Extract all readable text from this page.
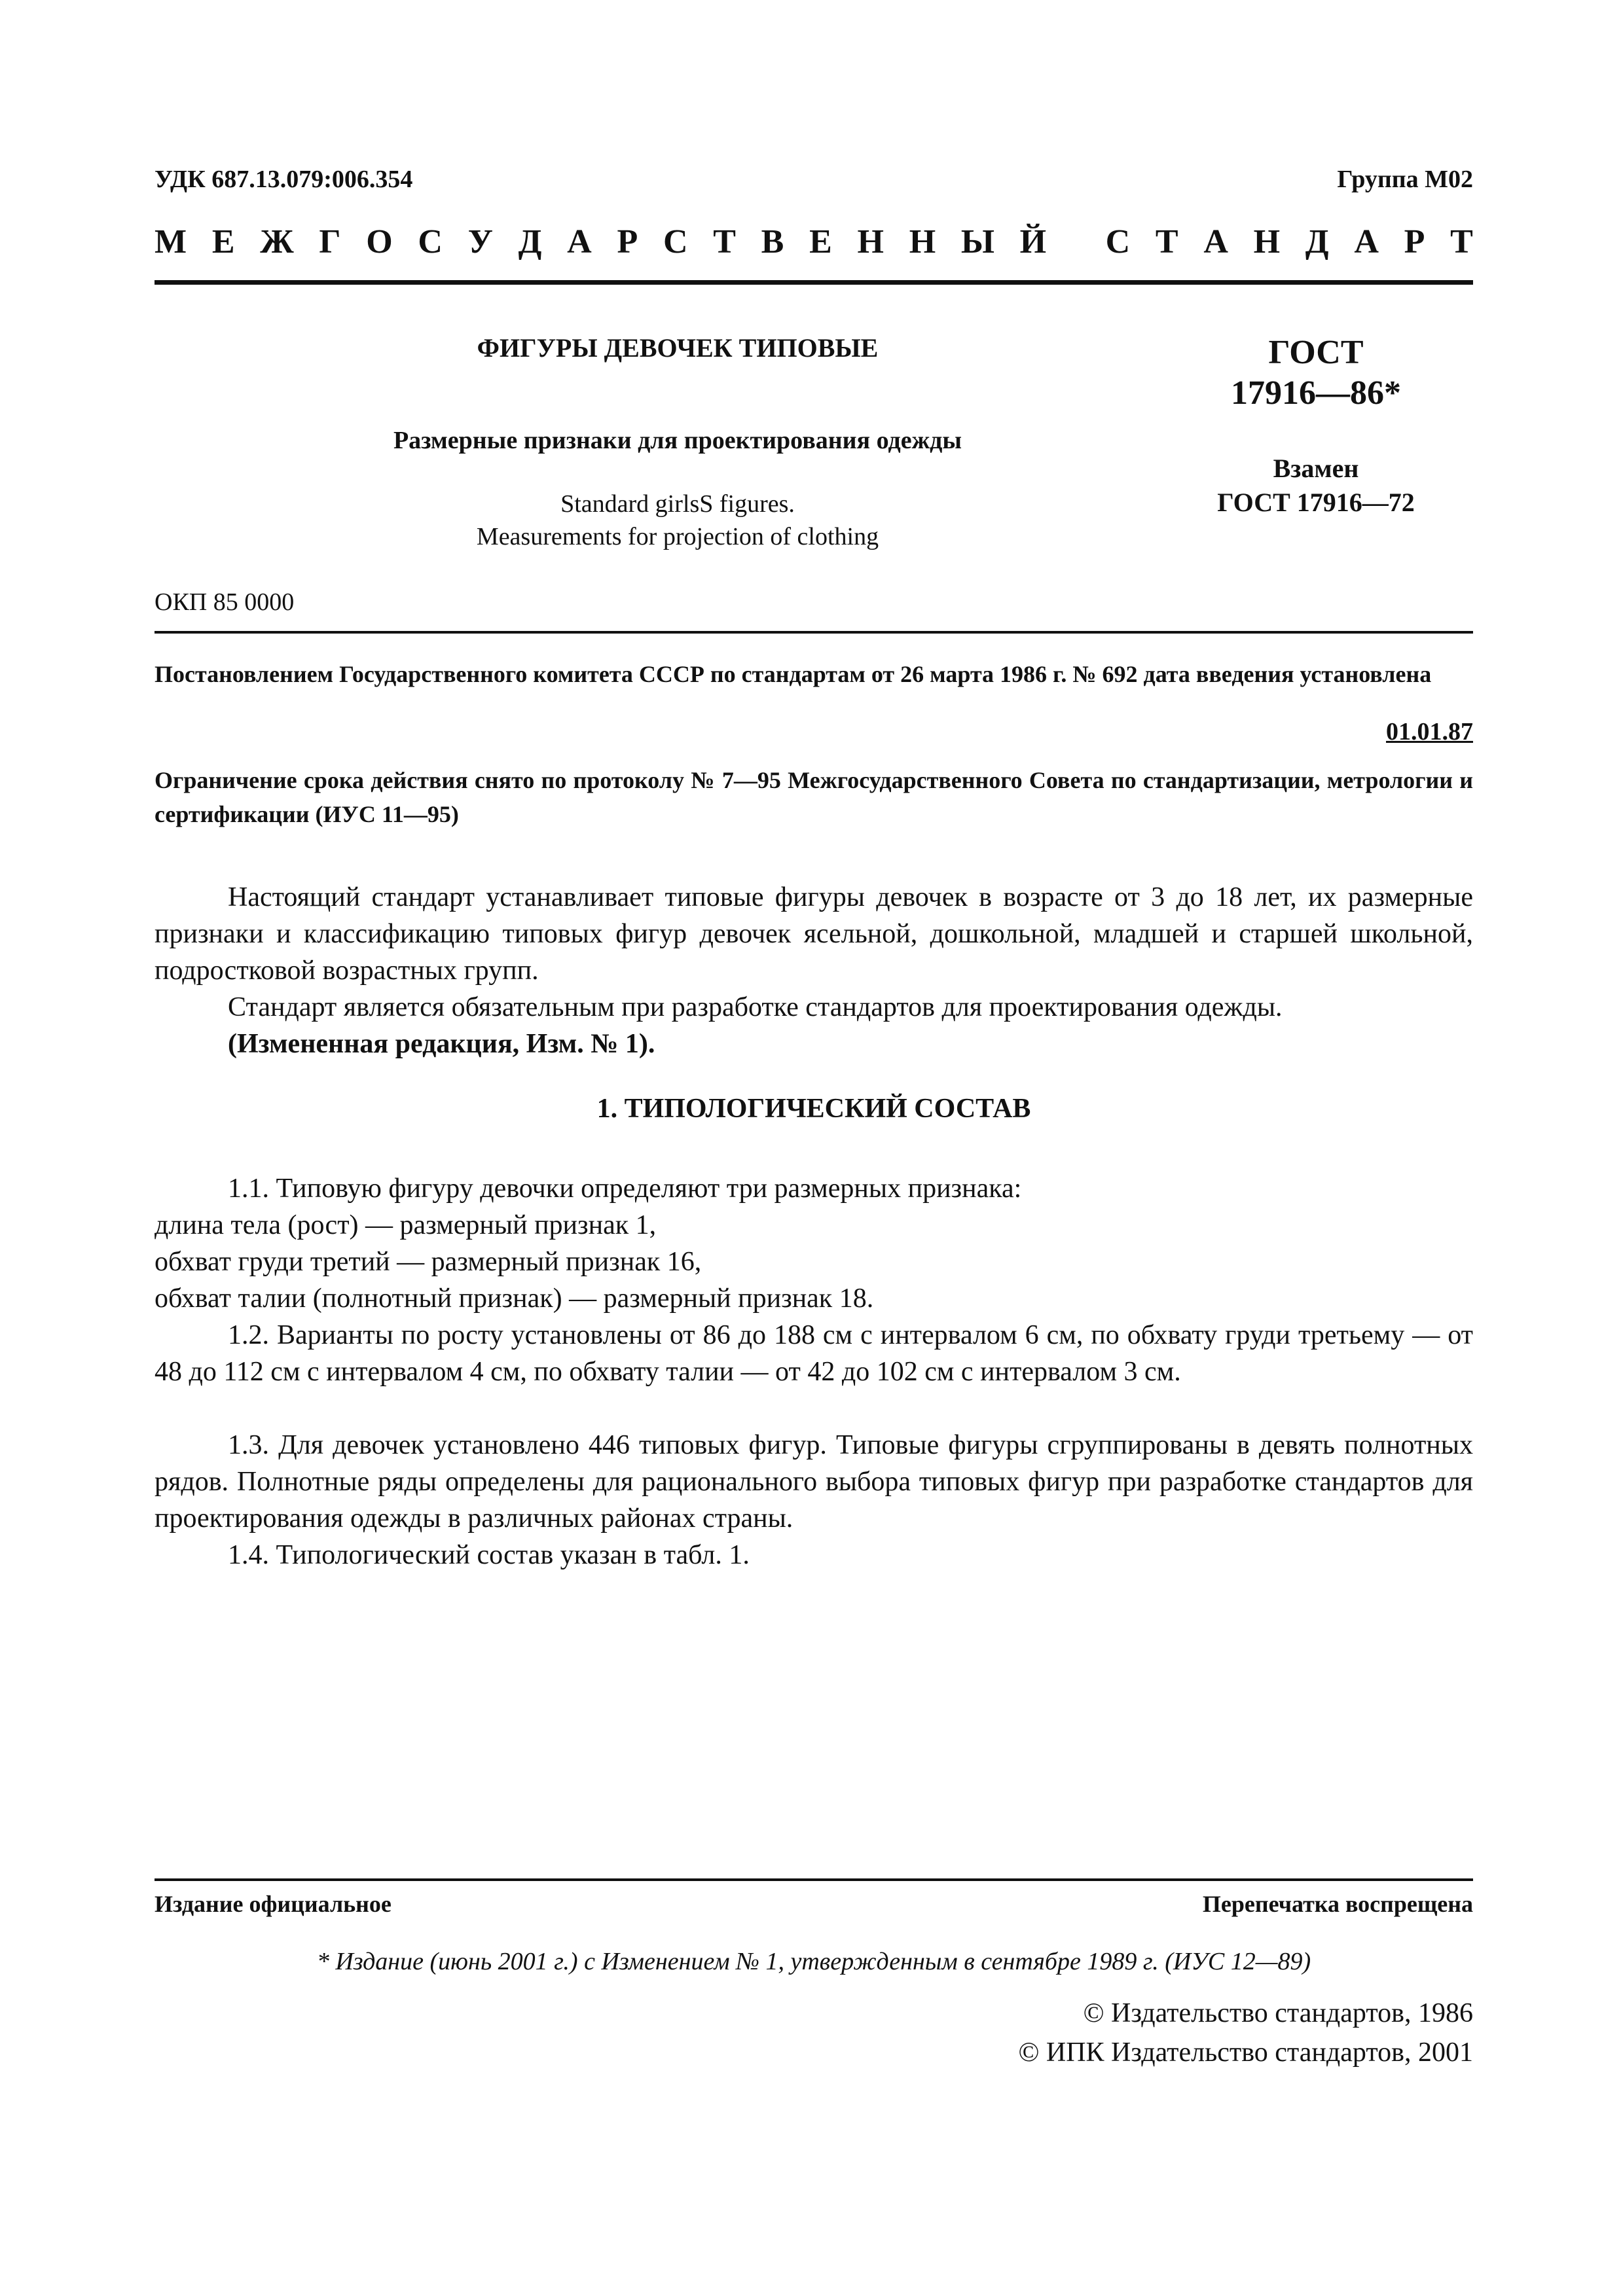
УДК 687.13.079:006.354	Группа М02
М Е Ж Г О С У Д А Р С Т В Е Н Н Ы Й
С Т А Н Д А Р Т
ФИГУРЫ ДЕВОЧЕК ТИПОВЫЕ
Размерные признаки для проектирования одежды
Standard girlsS figures.
Measurements for projection of clothing
ГОСТ
17916—86*
Взамен
ГОСТ 17916—72
ОКП 85 0000
Постановлением Государственного комитета СССР по стандартам от 26 марта 1986 г. № 692 дата введения установлена
01.01.87
Ограничение срока действия снято по протоколу № 7—95 Межгосударственного Совета по стандартизации, метрологии и сертификации (ИУС 11—95)
Настоящий стандарт устанавливает типовые фигуры девочек в возрасте от 3 до 18 лет, их размерные признаки и классификацию типовых фигур девочек ясельной, дошкольной, младшей и старшей школьной, подростковой возрастных групп.
Стандарт является обязательным при разработке стандартов для проектирования одежды.
(Измененная редакция, Изм. № 1).
1. ТИПОЛОГИЧЕСКИЙ СОСТАВ
1.1. Типовую фигуру девочки определяют три размерных признака:
длина тела (рост) — размерный признак 1,
обхват груди третий — размерный признак 16,
обхват талии (полнотный признак) — размерный признак 18.
1.2. Варианты по росту установлены от 86 до 188 см с интервалом 6 см, по обхвату груди третьему — от 48 до 112 см с интервалом 4 см, по обхвату талии — от 42 до 102 см с интервалом 3 см.
1.3. Для девочек установлено 446 типовых фигур. Типовые фигуры сгруппированы в девять полнотных рядов. Полнотные ряды определены для рационального выбора типовых фигур при разработке стандартов для проектирования одежды в различных районах страны.
1.4. Типологический состав указан в табл. 1.
Издание официальное	Перепечатка воспрещена
* Издание (июнь 2001 г.) с Изменением № 1, утвержденным в сентябре 1989 г. (ИУС 12—89)
© Издательство стандартов, 1986
© ИПК Издательство стандартов, 2001
